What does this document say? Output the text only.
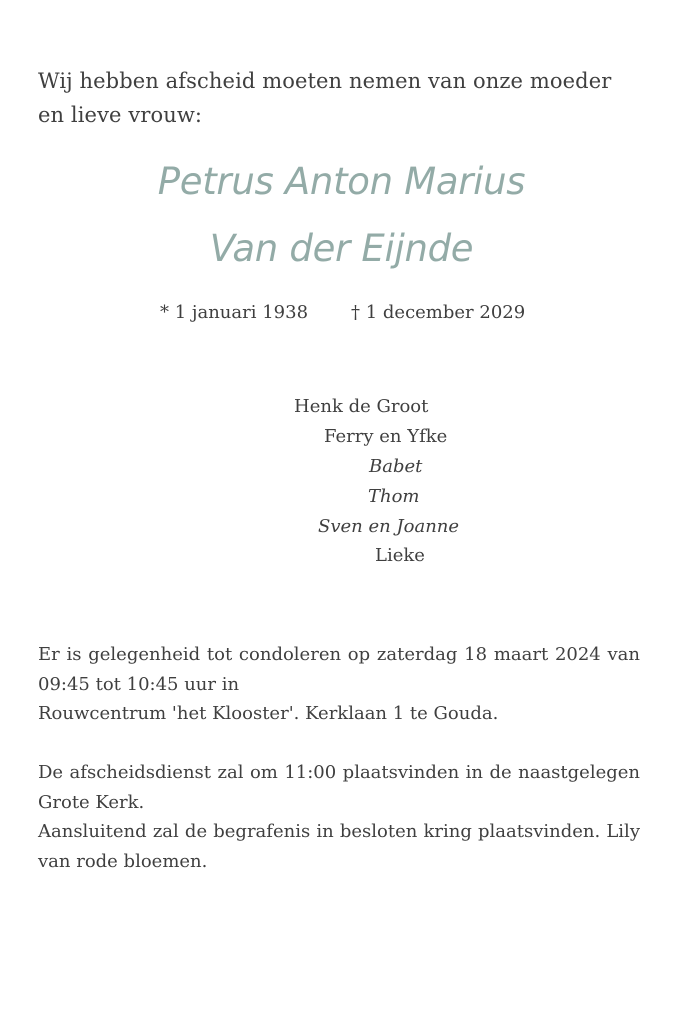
Wij hebben afscheid moeten nemen van onze moeder en lieve vrouw:
Petrus Anton Marius
Van der Eijnde
* 1 januari 1938 † 1 december 2029
Henk de Groot
Ferry en Yfke
Babet
Thom
Sven en Joanne
Lieke
Er is gelegenheid tot condoleren op zaterdag 18 maart 2024 van 09:45 tot 10:45 uur in
Rouwcentrum 'het Klooster'. Kerklaan 1 te Gouda.
De afscheidsdienst zal om 11:00 plaatsvinden in de naastgelegen Grote Kerk.
Aansluitend zal de begrafenis in besloten kring plaatsvinden. Lily van rode bloemen.
